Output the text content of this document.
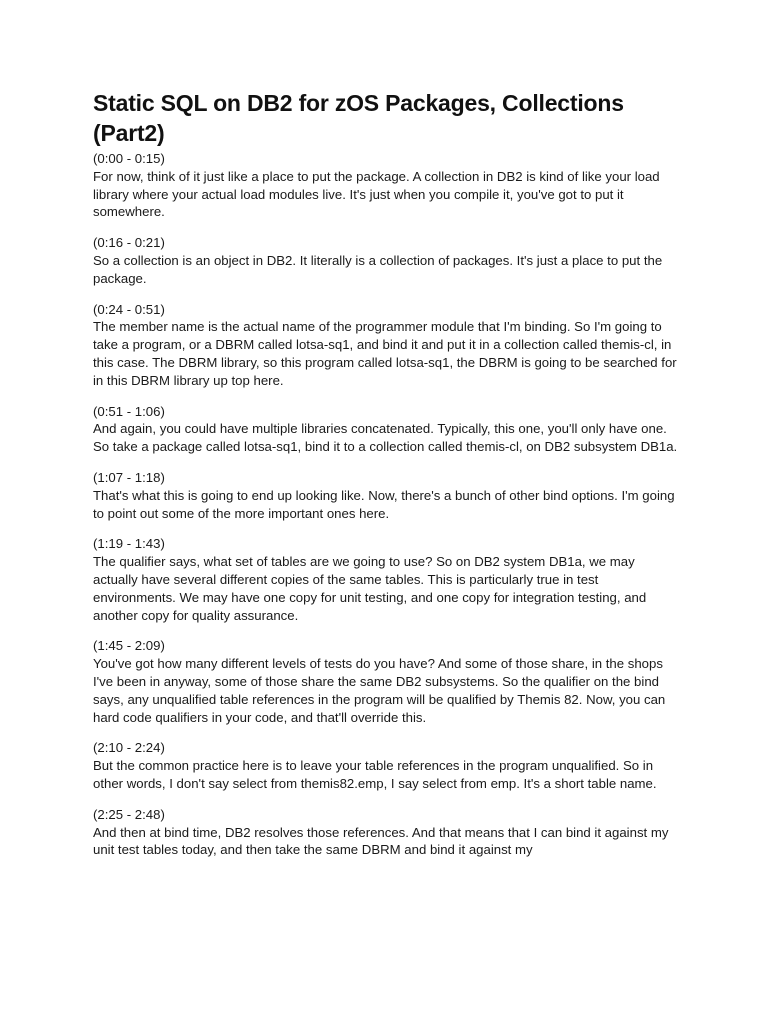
Static SQL on DB2 for zOS Packages, Collections (Part2)

(0:00 - 0:15)

For now, think of it just like a place to put the package. A collection in DB2 is kind of like your load library where your actual load modules live. It's just when you compile it, you've got to put it somewhere.

(0:16 - 0:21)

So a collection is an object in DB2. It literally is a collection of packages. It's just a place to put the package.

(0:24 - 0:51)

The member name is the actual name of the programmer module that I'm binding. So I'm going to take a program, or a DBRM called lotsa-sq1, and bind it and put it in a collection called themis-cl, in this case. The DBRM library, so this program called lotsa-sq1, the DBRM is going to be searched for in this DBRM library up top here.

(0:51 - 1:06)

And again, you could have multiple libraries concatenated. Typically, this one, you'll only have one. So take a package called lotsa-sq1, bind it to a collection called themis-cl, on DB2 subsystem DB1a.

(1:07 - 1:18)

That's what this is going to end up looking like. Now, there's a bunch of other bind options. I'm going to point out some of the more important ones here.

(1:19 - 1:43)

The qualifier says, what set of tables are we going to use? So on DB2 system DB1a, we may actually have several different copies of the same tables. This is particularly true in test environments. We may have one copy for unit testing, and one copy for integration testing, and another copy for quality assurance.

(1:45 - 2:09)

You've got how many different levels of tests do you have? And some of those share, in the shops I've been in anyway, some of those share the same DB2 subsystems. So the qualifier on the bind says, any unqualified table references in the program will be qualified by Themis 82. Now, you can hard code qualifiers in your code, and that'll override this.

(2:10 - 2:24)

But the common practice here is to leave your table references in the program unqualified. So in other words, I don't say select from themis82.emp, I say select from emp. It's a short table name.

(2:25 - 2:48)

And then at bind time, DB2 resolves those references. And that means that I can bind it against my unit test tables today, and then take the same DBRM and bind it against my
